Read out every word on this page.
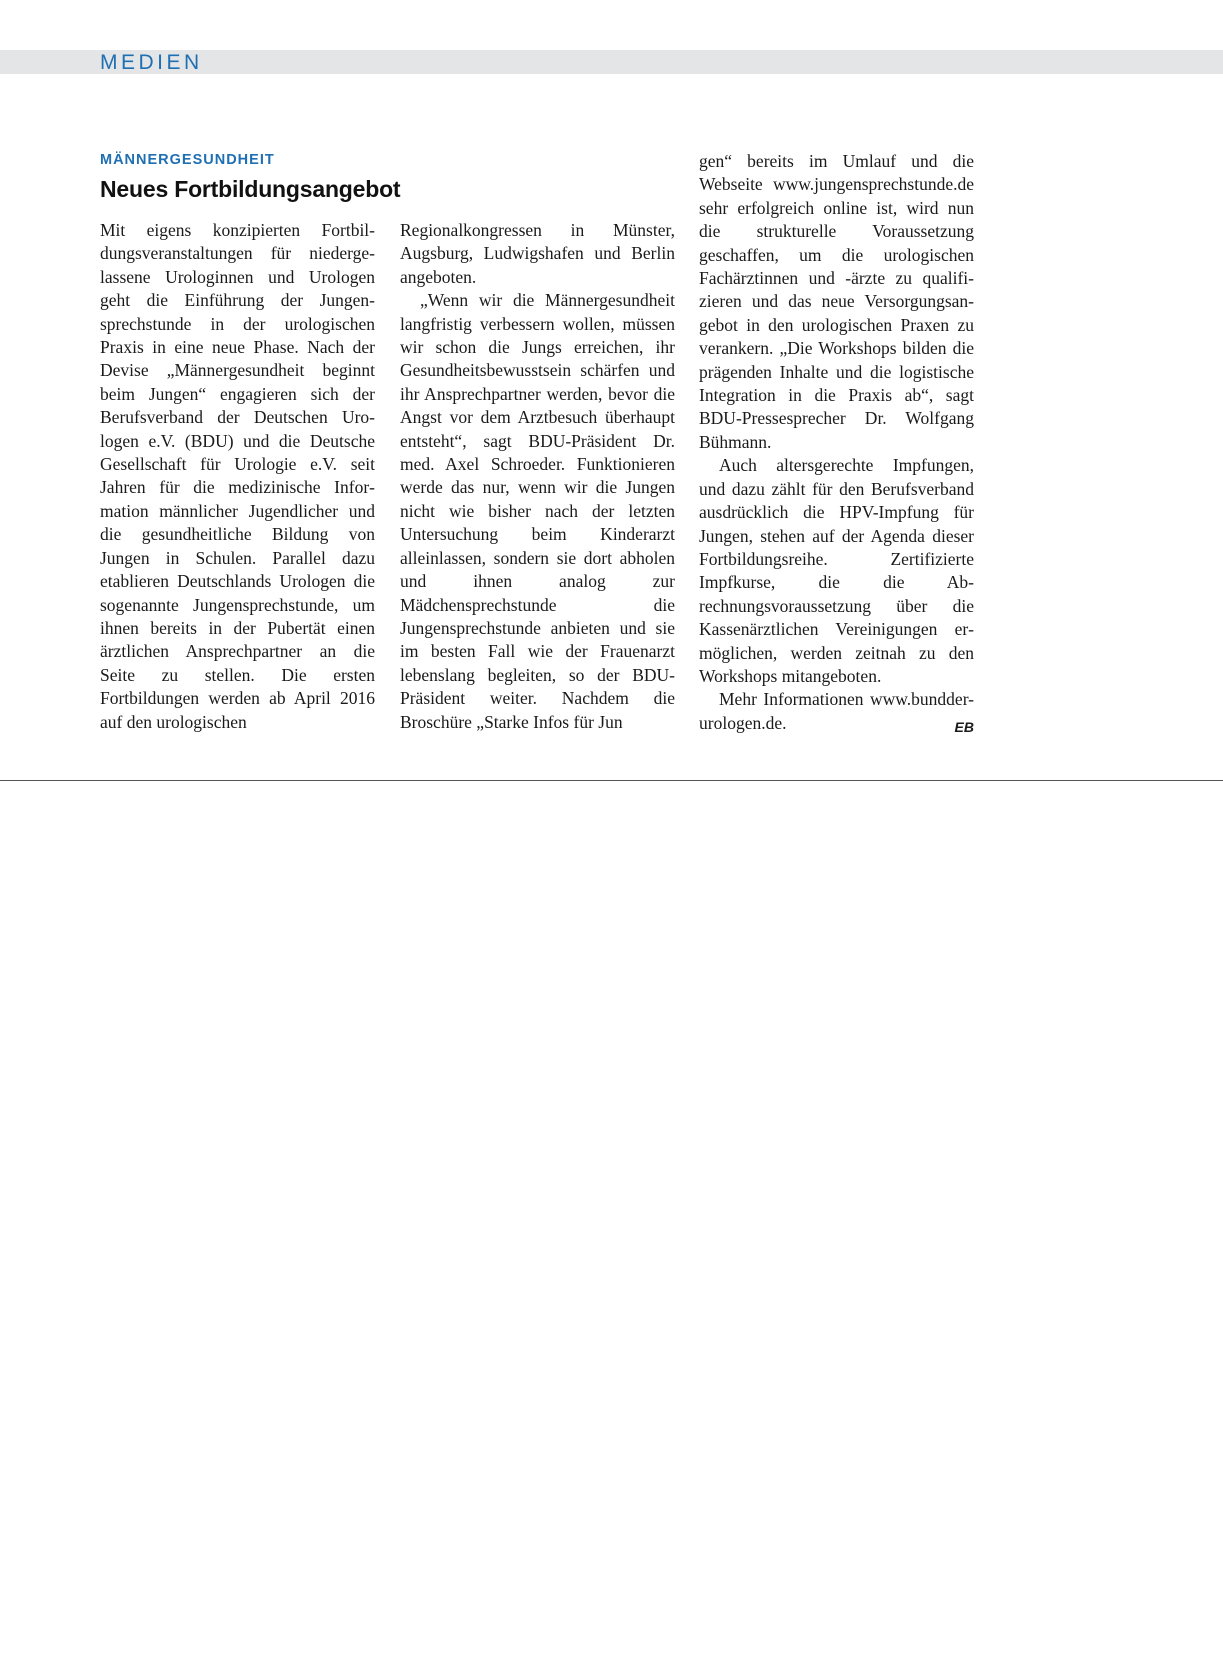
MEDIEN
MÄNNERGESUNDHEIT
Neues Fortbildungsangebot

Mit eigens konzipierten Fortbildungsveranstaltungen für niedergelassene Urologinnen und Urologen geht die Einführung der Jungensprechstunde in der urologischen Praxis in eine neue Phase. Nach der Devise „Männergesundheit beginnt beim Jungen“ engagieren sich der Berufsverband der Deutschen Urologen e.V. (BDU) und die Deutsche Gesellschaft für Urologie e.V. seit Jahren für die medizinische Information männlicher Jugendlicher und die gesundheitliche Bildung von Jungen in Schulen. Parallel dazu etablieren Deutschlands Urologen die sogenannte Jungensprechstunde, um ihnen bereits in der Pubertät einen ärztlichen Ansprechpartner an die Seite zu stellen. Die ersten Fortbildungen werden ab April 2016 auf den urologischen

Regionalkongressen in Münster, Augsburg, Ludwigshafen und Berlin angeboten.

„Wenn wir die Männergesundheit langfristig verbessern wollen, müssen wir schon die Jungs erreichen, ihr Gesundheitsbewusstsein schärfen und ihr Ansprechpartner werden, bevor die Angst vor dem Arztbesuch überhaupt entsteht“, sagt BDU-Präsident Dr. med. Axel Schroeder. Funktionieren werde das nur, wenn wir die Jungen nicht wie bisher nach der letzten Untersuchung beim Kinderarzt alleinlassen, sondern sie dort abholen und ihnen analog zur Mädchensprechstunde die Jungensprechstunde anbieten und sie im besten Fall wie der Frauenarzt lebenslang begleiten, so der BDU-Präsident weiter. Nachdem die Broschüre „Starke Infos für Jun

gen“ bereits im Umlauf und die Webseite www.jungensprechstunde.de sehr erfolgreich online ist, wird nun die strukturelle Voraussetzung geschaffen, um die urologischen Fachärztinnen und -ärzte zu qualifizieren und das neue Versorgungsangebot in den urologischen Praxen zu verankern. „Die Workshops bilden die prägenden Inhalte und die logistische Integration in die Praxis ab“, sagt BDU-Pressesprecher Dr. Wolfgang Bühmann.

Auch altersgerechte Impfungen, und dazu zählt für den Berufsverband ausdrücklich die HPV-Impfung für Jungen, stehen auf der Agenda dieser Fortbildungsreihe. Zertifizierte Impfkurse, die die Abrechnungsvoraussetzung über die Kassenärztlichen Vereinigungen ermöglichen, werden zeitnah zu den Workshops mitangeboten.

Mehr Informationen www.bundder-urologen.de.	EB
